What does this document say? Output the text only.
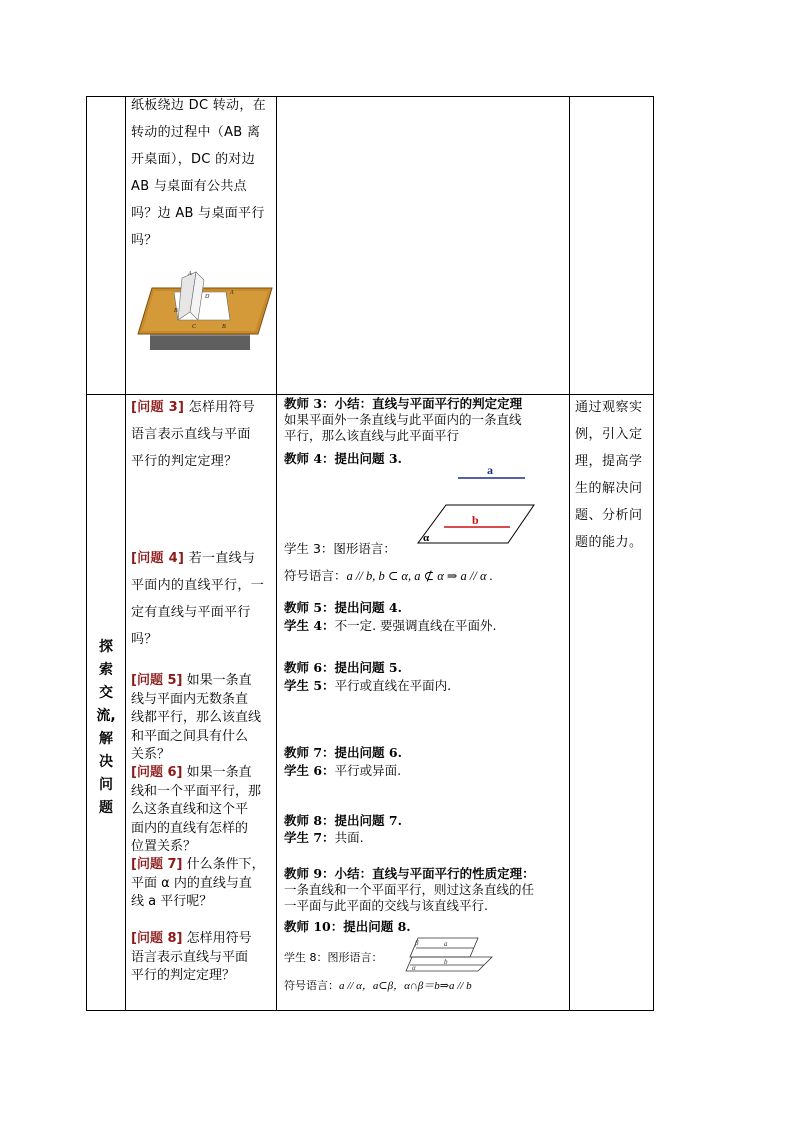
纸板绕边 DC 转动，在
转动的过程中（AB 离
开桌面），DC 的对边
AB 与桌面有公共点
吗？边 AB 与桌面平行
吗？
A
D
B
C
A
B
探
索
交
流,
解
决
问
题
[问题 3] 怎样用符号
语言表示直线与平面
平行的判定定理？
[问题 4] 若一直线与
平面内的直线平行，一
定有直线与平面平行
吗？
[问题 5] 如果一条直
线与平面内无数条直
线都平行，那么该直线
和平面之间具有什么
关系？
[问题 6] 如果一条直
线和一个平面平行，那
么这条直线和这个平
面内的直线有怎样的
位置关系？
[问题 7] 什么条件下，
平面 α 内的直线与直
线 a 平行呢？
[问题 8] 怎样用符号
语言表示直线与平面
平行的判定定理？
教师 3：小结：直线与平面平行的判定定理
如果平面外一条直线与此平面内的一条直线
平行，那么该直线与此平面平行
教师 4：提出问题 3.
a
b
α
学生 3：图形语言：
符号语言：a // b, b ⊂ α, a ⊄ α ⇒ a // α .
教师 5：提出问题 4.
学生 4：不一定. 要强调直线在平面外.
教师 6：提出问题 5.
学生 5：平行或直线在平面内.
教师 7：提出问题 6.
学生 6：平行或异面.
教师 8：提出问题 7.
学生 7：共面.
教师 9：小结：直线与平面平行的性质定理：
一条直线和一个平面平行，则过这条直线的任
一平面与此平面的交线与该直线平行.
教师 10：提出问题 8.
学生 8：图形语言：
β	a
α
b
符号语言：a // α，a⊂β，α∩β＝b⇒a // b
通过观察实例，引入定理，提高学生的解决问题、分析问题的能力。
